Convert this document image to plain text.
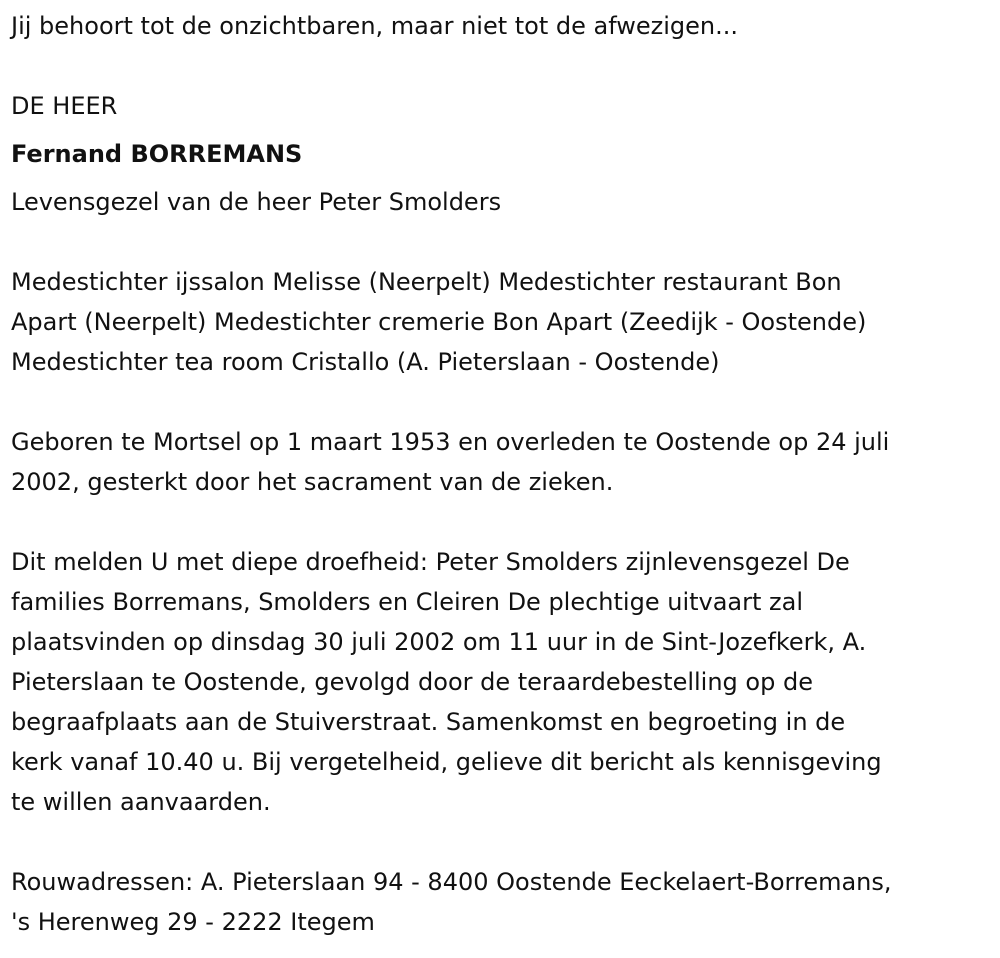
Jij behoort tot de onzichtbaren, maar niet tot de afwezigen...

DE HEER

Fernand BORREMANS

Levensgezel van de heer Peter Smolders

Medestichter ijssalon Melisse (Neerpelt) Medestichter restaurant Bon
Apart (Neerpelt) Medestichter cremerie Bon Apart (Zeedijk - Oostende)
Medestichter tea room Cristallo (A. Pieterslaan - Oostende)

Geboren te Mortsel op 1 maart 1953 en overleden te Oostende op 24 juli
2002, gesterkt door het sacrament van de zieken.

Dit melden U met diepe droefheid: Peter Smolders zijnlevensgezel De
families Borremans, Smolders en Cleiren De plechtige uitvaart zal
plaatsvinden op dinsdag 30 juli 2002 om 11 uur in de Sint-Jozefkerk, A.
Pieterslaan te Oostende, gevolgd door de teraardebestelling op de
begraafplaats aan de Stuiverstraat. Samenkomst en begroeting in de
kerk vanaf 10.40 u. Bij vergetelheid, gelieve dit bericht als kennisgeving
te willen aanvaarden.

Rouwadressen: A. Pieterslaan 94 - 8400 Oostende Eeckelaert-Borremans,
's Herenweg 29 - 2222 Itegem
